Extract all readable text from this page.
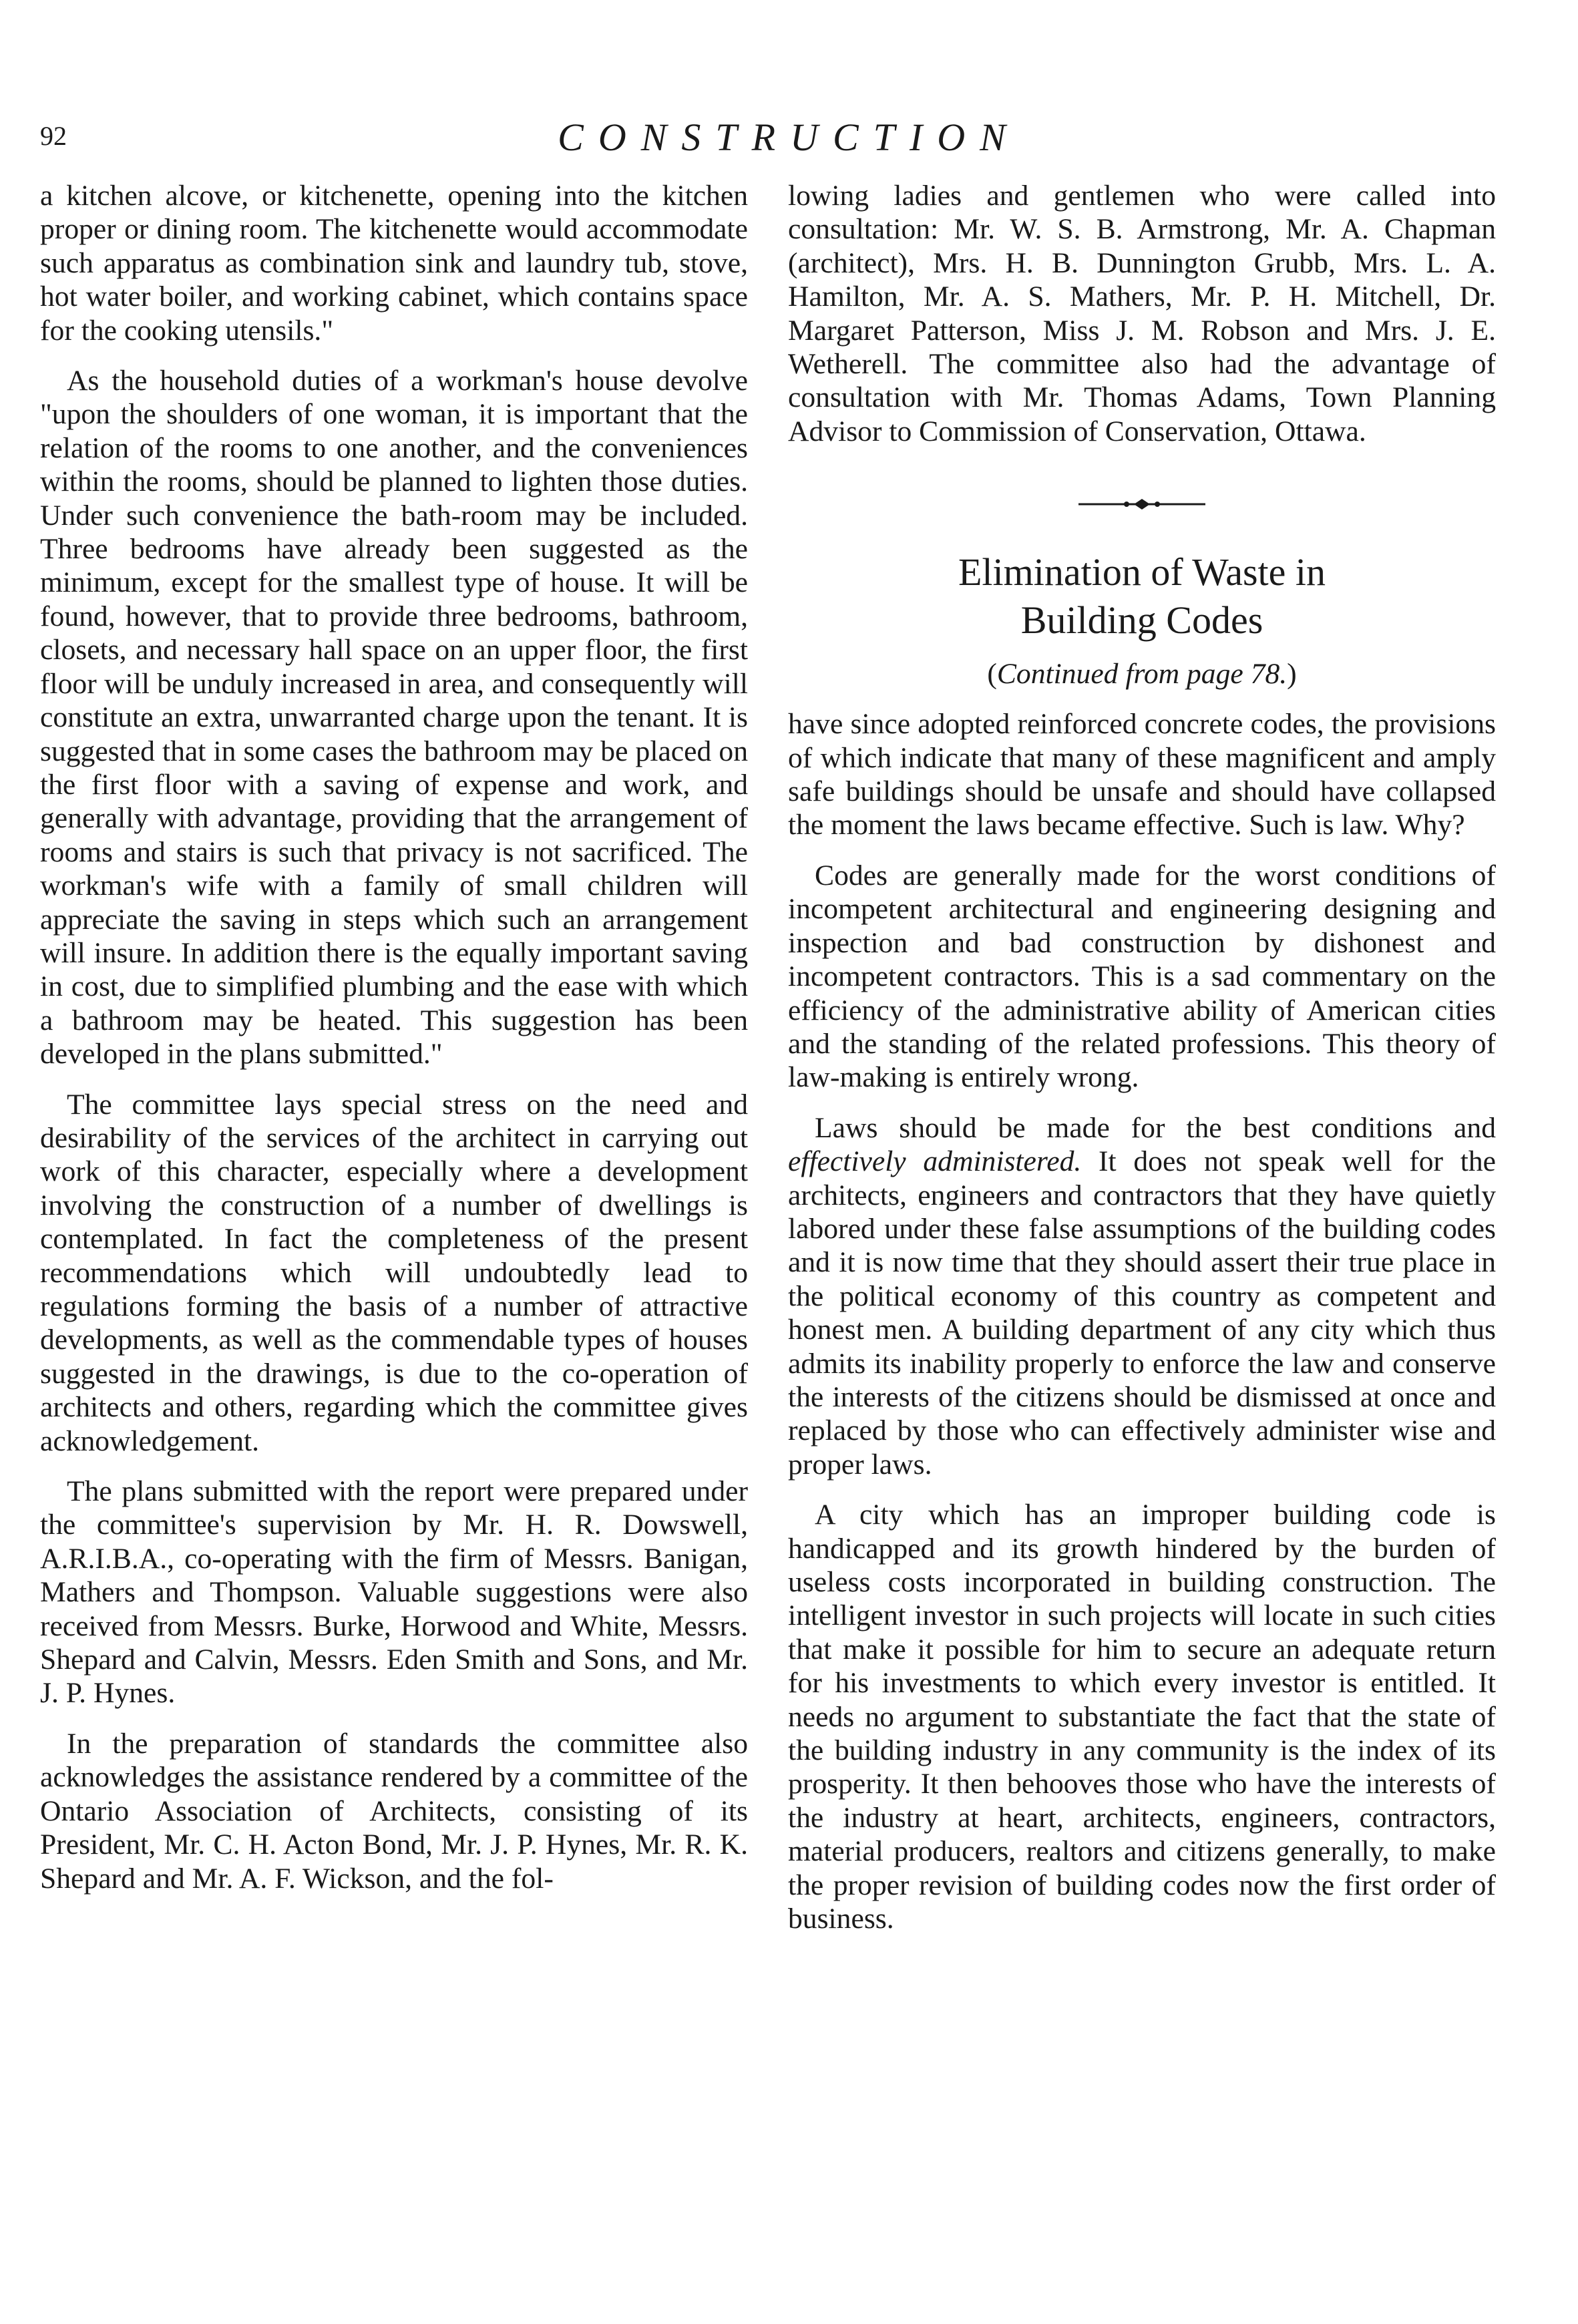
92	CONSTRUCTION

a kitchen alcove, or kitchenette, opening into the kitchen proper or dining room. The kitchenette would accommodate such apparatus as combination sink and laundry tub, stove, hot water boiler, and working cabinet, which contains space for the cooking utensils."

As the household duties of a workman's house devolve "upon the shoulders of one woman, it is important that the relation of the rooms to one another, and the conveniences within the rooms, should be planned to lighten those duties. Under such convenience the bath-room may be included. Three bedrooms have already been suggested as the minimum, except for the smallest type of house. It will be found, however, that to provide three bedrooms, bathroom, closets, and necessary hall space on an upper floor, the first floor will be unduly increased in area, and consequently will constitute an extra, unwarranted charge upon the tenant. It is suggested that in some cases the bathroom may be placed on the first floor with a saving of expense and work, and generally with advantage, providing that the arrangement of rooms and stairs is such that privacy is not sacrificed. The workman's wife with a family of small children will appreciate the saving in steps which such an arrangement will insure. In addition there is the equally important saving in cost, due to simplified plumbing and the ease with which a bathroom may be heated. This suggestion has been developed in the plans submitted."

The committee lays special stress on the need and desirability of the services of the architect in carrying out work of this character, especially where a development involving the construction of a number of dwellings is contemplated. In fact the completeness of the present recommendations which will undoubtedly lead to regulations forming the basis of a number of attractive developments, as well as the commendable types of houses suggested in the drawings, is due to the co-operation of architects and others, regarding which the committee gives acknowledgement.

The plans submitted with the report were prepared under the committee's supervision by Mr. H. R. Dowswell, A.R.I.B.A., co-operating with the firm of Messrs. Banigan, Mathers and Thompson. Valuable suggestions were also received from Messrs. Burke, Horwood and White, Messrs. Shepard and Calvin, Messrs. Eden Smith and Sons, and Mr. J. P. Hynes.

In the preparation of standards the committee also acknowledges the assistance rendered by a committee of the Ontario Association of Architects, consisting of its President, Mr. C. H. Acton Bond, Mr. J. P. Hynes, Mr. R. K. Shepard and Mr. A. F. Wickson, and the fol-

lowing ladies and gentlemen who were called into consultation: Mr. W. S. B. Armstrong, Mr. A. Chapman (architect), Mrs. H. B. Dunnington Grubb, Mrs. L. A. Hamilton, Mr. A. S. Mathers, Mr. P. H. Mitchell, Dr. Margaret Patterson, Miss J. M. Robson and Mrs. J. E. Wetherell. The committee also had the advantage of consultation with Mr. Thomas Adams, Town Planning Advisor to Commission of Conservation, Ottawa.

Elimination of Waste in
Building Codes
(Continued from page 78.)

have since adopted reinforced concrete codes, the provisions of which indicate that many of these magnificent and amply safe buildings should be unsafe and should have collapsed the moment the laws became effective. Such is law. Why?

Codes are generally made for the worst conditions of incompetent architectural and engineering designing and inspection and bad construction by dishonest and incompetent contractors. This is a sad commentary on the efficiency of the administrative ability of American cities and the standing of the related professions. This theory of law-making is entirely wrong.

Laws should be made for the best conditions and effectively administered. It does not speak well for the architects, engineers and contractors that they have quietly labored under these false assumptions of the building codes and it is now time that they should assert their true place in the political economy of this country as competent and honest men. A building department of any city which thus admits its inability properly to enforce the law and conserve the interests of the citizens should be dismissed at once and replaced by those who can effectively administer wise and proper laws.

A city which has an improper building code is handicapped and its growth hindered by the burden of useless costs incorporated in building construction. The intelligent investor in such projects will locate in such cities that make it possible for him to secure an adequate return for his investments to which every investor is entitled. It needs no argument to substantiate the fact that the state of the building industry in any community is the index of its prosperity. It then behooves those who have the interests of the industry at heart, architects, engineers, contractors, material producers, realtors and citizens generally, to make the proper revision of building codes now the first order of business.
